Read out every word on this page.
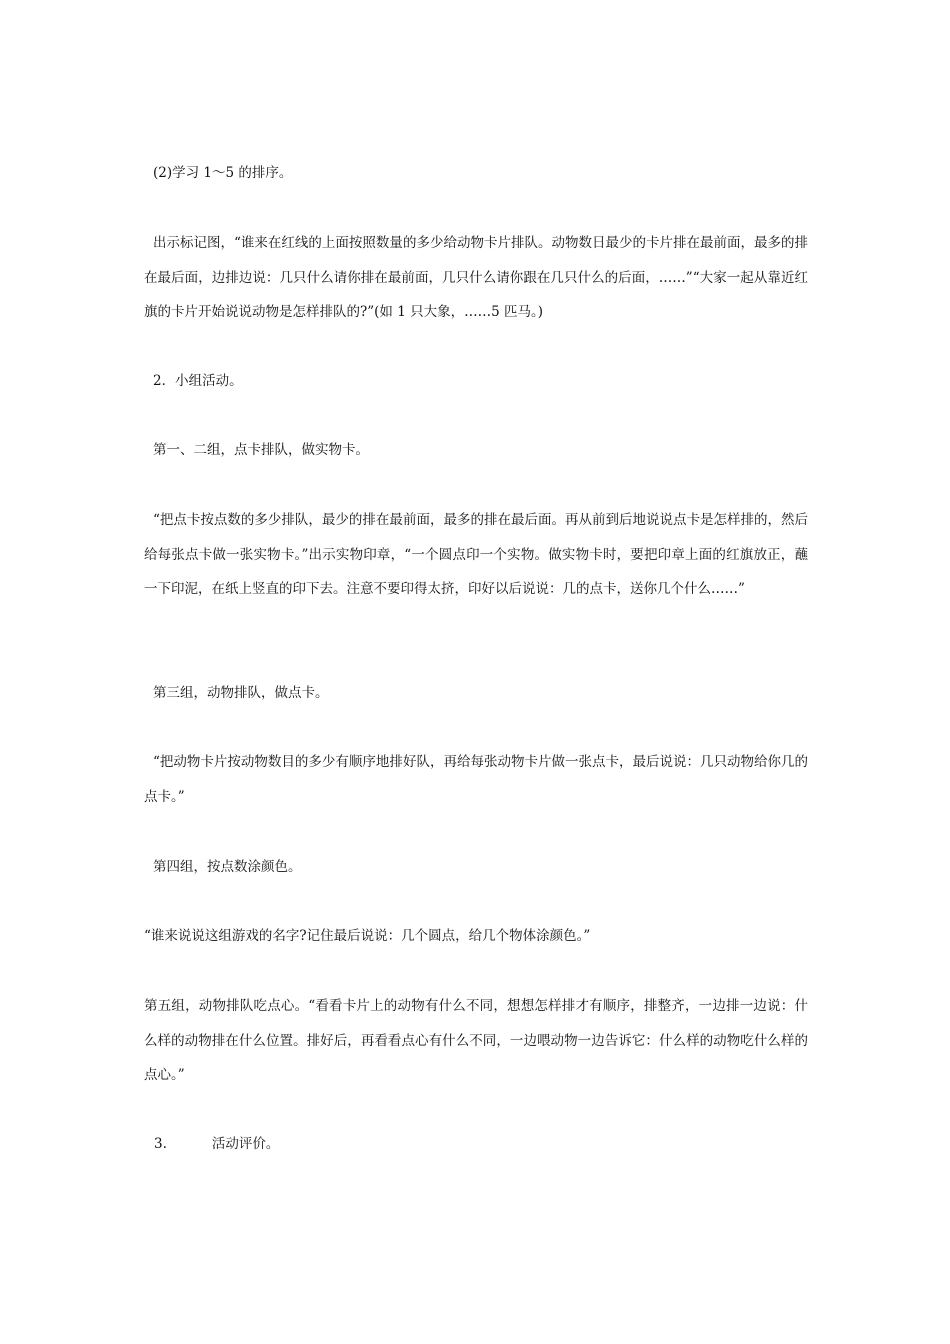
(2)学习 1～5 的排序。

出示标记图，“谁来在红线的上面按照数量的多少给动物卡片排队。动物数日最少的卡片排在最前面，最多的排在最后面，边排边说：几只什么请你排在最前面，几只什么请你跟在几只什么的后面，……”“大家一起从靠近红旗的卡片开始说说动物是怎样排队的?”(如 1 只大象，……5 匹马。)

2．小组活动。

第一、二组，点卡排队，做实物卡。

“把点卡按点数的多少排队，最少的排在最前面，最多的排在最后面。再从前到后地说说点卡是怎样排的，然后给每张点卡做一张实物卡。”出示实物印章，“一个圆点印一个实物。做实物卡时，要把印章上面的红旗放正，蘸一下印泥，在纸上竖直的印下去。注意不要印得太挤，印好以后说说：几的点卡，送你几个什么……”

第三组，动物排队，做点卡。

“把动物卡片按动物数目的多少有顺序地排好队，再给每张动物卡片做一张点卡，最后说说：几只动物给你几的点卡。”

第四组，按点数涂颜色。

“谁来说说这组游戏的名字?记住最后说说：几个圆点，给几个物体涂颜色。”

第五组，动物排队吃点心。“看看卡片上的动物有什么不同，想想怎样排才有顺序，排整齐，一边排一边说：什么样的动物排在什么位置。排好后，再看看点心有什么不同，一边喂动物一边告诉它：什么样的动物吃什么样的点心。”

3.	活动评价。
